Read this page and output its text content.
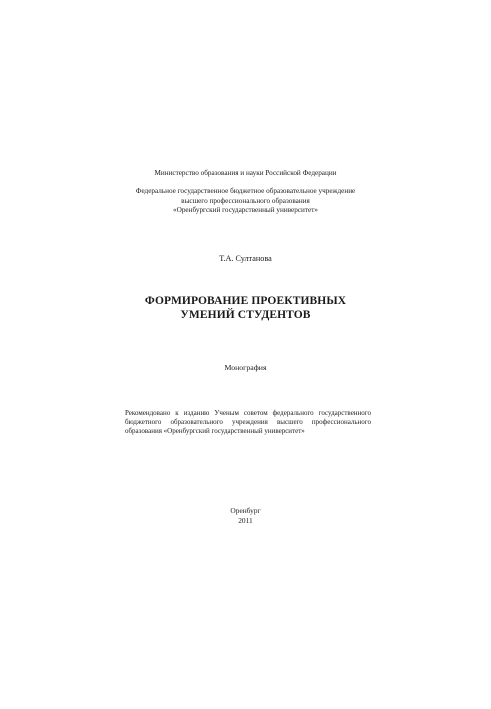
Министерство образования и науки Российской Федерации
Федеральное государственное бюджетное образовательное учреждение
высшего профессионального образования
«Оренбургский государственный университет»
Т.А. Султанова
ФОРМИРОВАНИЕ ПРОЕКТИВНЫХ
УМЕНИЙ СТУДЕНТОВ
Монография
Рекомендовано к изданию Ученым советом федерального государственного бюджетного образовательного учреждения высшего профессионального образования «Оренбургский государственный университет»
Оренбург
2011
